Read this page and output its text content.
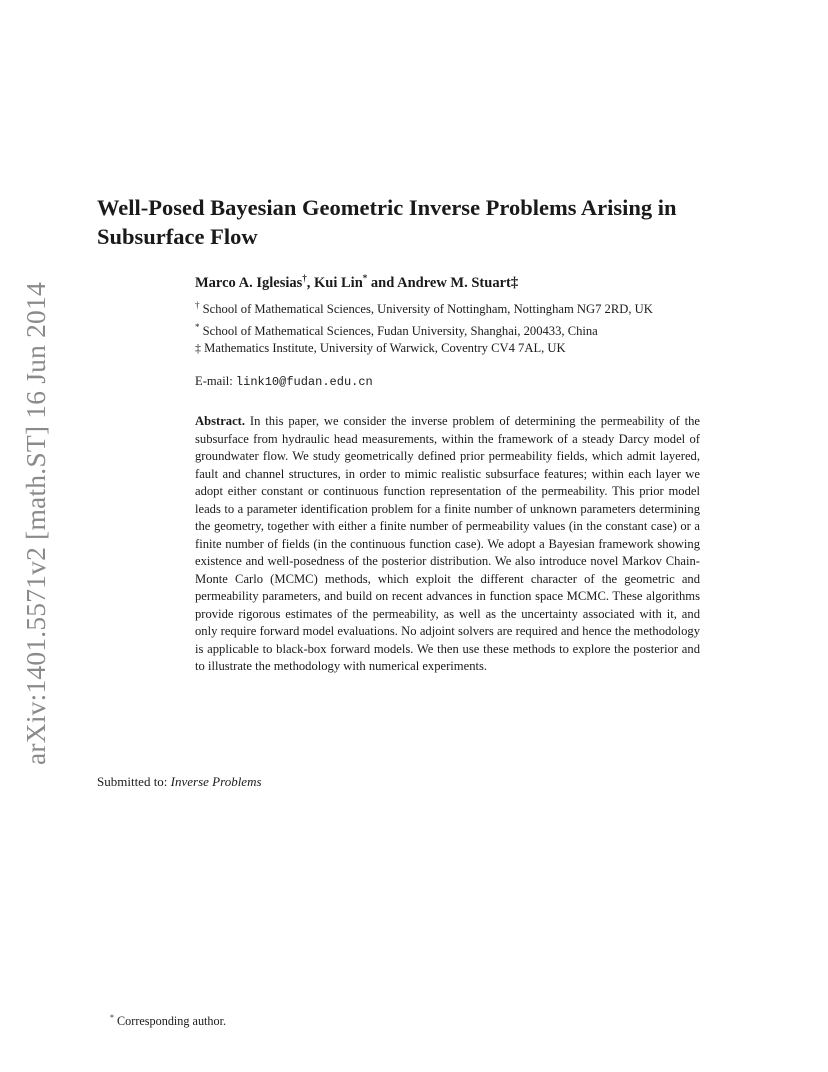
arXiv:1401.5571v2 [math.ST] 16 Jun 2014
Well-Posed Bayesian Geometric Inverse Problems Arising in Subsurface Flow

Marco A. Iglesias†, Kui Lin* and Andrew M. Stuart‡

† School of Mathematical Sciences, University of Nottingham, Nottingham NG7 2RD, UK

* School of Mathematical Sciences, Fudan University, Shanghai, 200433, China

‡ Mathematics Institute, University of Warwick, Coventry CV4 7AL, UK

E-mail: link10@fudan.edu.cn

Abstract. In this paper, we consider the inverse problem of determining the permeability of the subsurface from hydraulic head measurements, within the framework of a steady Darcy model of groundwater flow. We study geometrically defined prior permeability fields, which admit layered, fault and channel structures, in order to mimic realistic subsurface features; within each layer we adopt either constant or continuous function representation of the permeability. This prior model leads to a parameter identification problem for a finite number of unknown parameters determining the geometry, together with either a finite number of permeability values (in the constant case) or a finite number of fields (in the continuous function case). We adopt a Bayesian framework showing existence and well-posedness of the posterior distribution. We also introduce novel Markov Chain-Monte Carlo (MCMC) methods, which exploit the different character of the geometric and permeability parameters, and build on recent advances in function space MCMC. These algorithms provide rigorous estimates of the permeability, as well as the uncertainty associated with it, and only require forward model evaluations. No adjoint solvers are required and hence the methodology is applicable to black-box forward models. We then use these methods to explore the posterior and to illustrate the methodology with numerical experiments.

Submitted to: Inverse Problems
* Corresponding author.
